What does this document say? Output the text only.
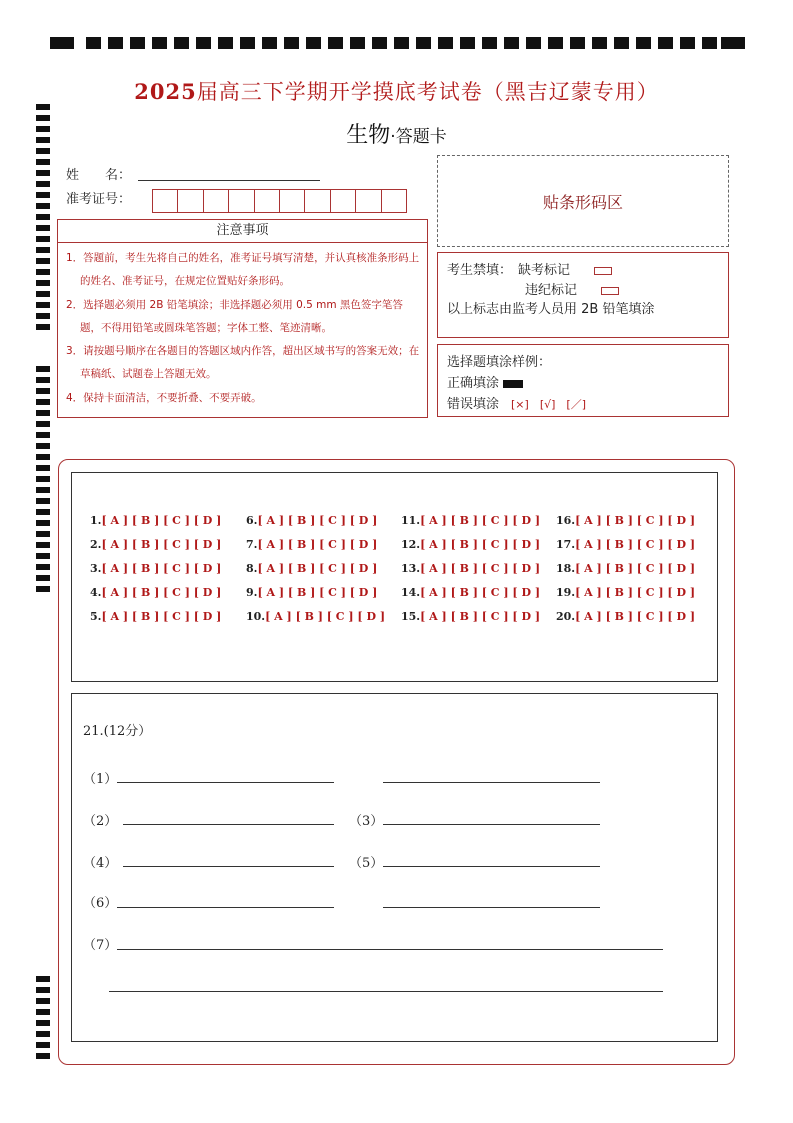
2025届高三下学期开学摸底考试卷（黑吉辽蒙专用）
生物·答题卡
姓　　名：
准考证号：	贴条形码区
注意事项
1．答题前，考生先将自己的姓名，准考证号填写清楚，并认真核准条形码上的姓名、准考证号，在规定位置贴好条形码。
2．选择题必须用 2B 铅笔填涂；非选择题必须用 0.5 mm 黑色签字笔答题，不得用铅笔或圆珠笔答题；字体工整、笔迹清晰。
3．请按题号顺序在各题目的答题区域内作答，超出区域书写的答案无效；在草稿纸、试题卷上答题无效。
4．保持卡面清洁，不要折叠、不要弄破。
考生禁填： 缺考标记
违纪标记
以上标志由监考人员用 2B 铅笔填涂
选择题填涂样例：
正确填涂
错误填涂 [×]　[√]　[／]
1.[ A ] [ B ] [ C ] [ D ]
2.[ A ] [ B ] [ C ] [ D ]
3.[ A ] [ B ] [ C ] [ D ]
4.[ A ] [ B ] [ C ] [ D ]
5.[ A ] [ B ] [ C ] [ D ]
6.[ A ] [ B ] [ C ] [ D ]
7.[ A ] [ B ] [ C ] [ D ]
8.[ A ] [ B ] [ C ] [ D ]
9.[ A ] [ B ] [ C ] [ D ]
10.[ A ] [ B ] [ C ] [ D ]
11.[ A ] [ B ] [ C ] [ D ]
12.[ A ] [ B ] [ C ] [ D ]
13.[ A ] [ B ] [ C ] [ D ]
14.[ A ] [ B ] [ C ] [ D ]
15.[ A ] [ B ] [ C ] [ D ]
16.[ A ] [ B ] [ C ] [ D ]
17.[ A ] [ B ] [ C ] [ D ]
18.[ A ] [ B ] [ C ] [ D ]
19.[ A ] [ B ] [ C ] [ D ]
20.[ A ] [ B ] [ C ] [ D ]
21.(12分）
（1）
（2）	（3）
（4）	（5）
（6）
（7）
